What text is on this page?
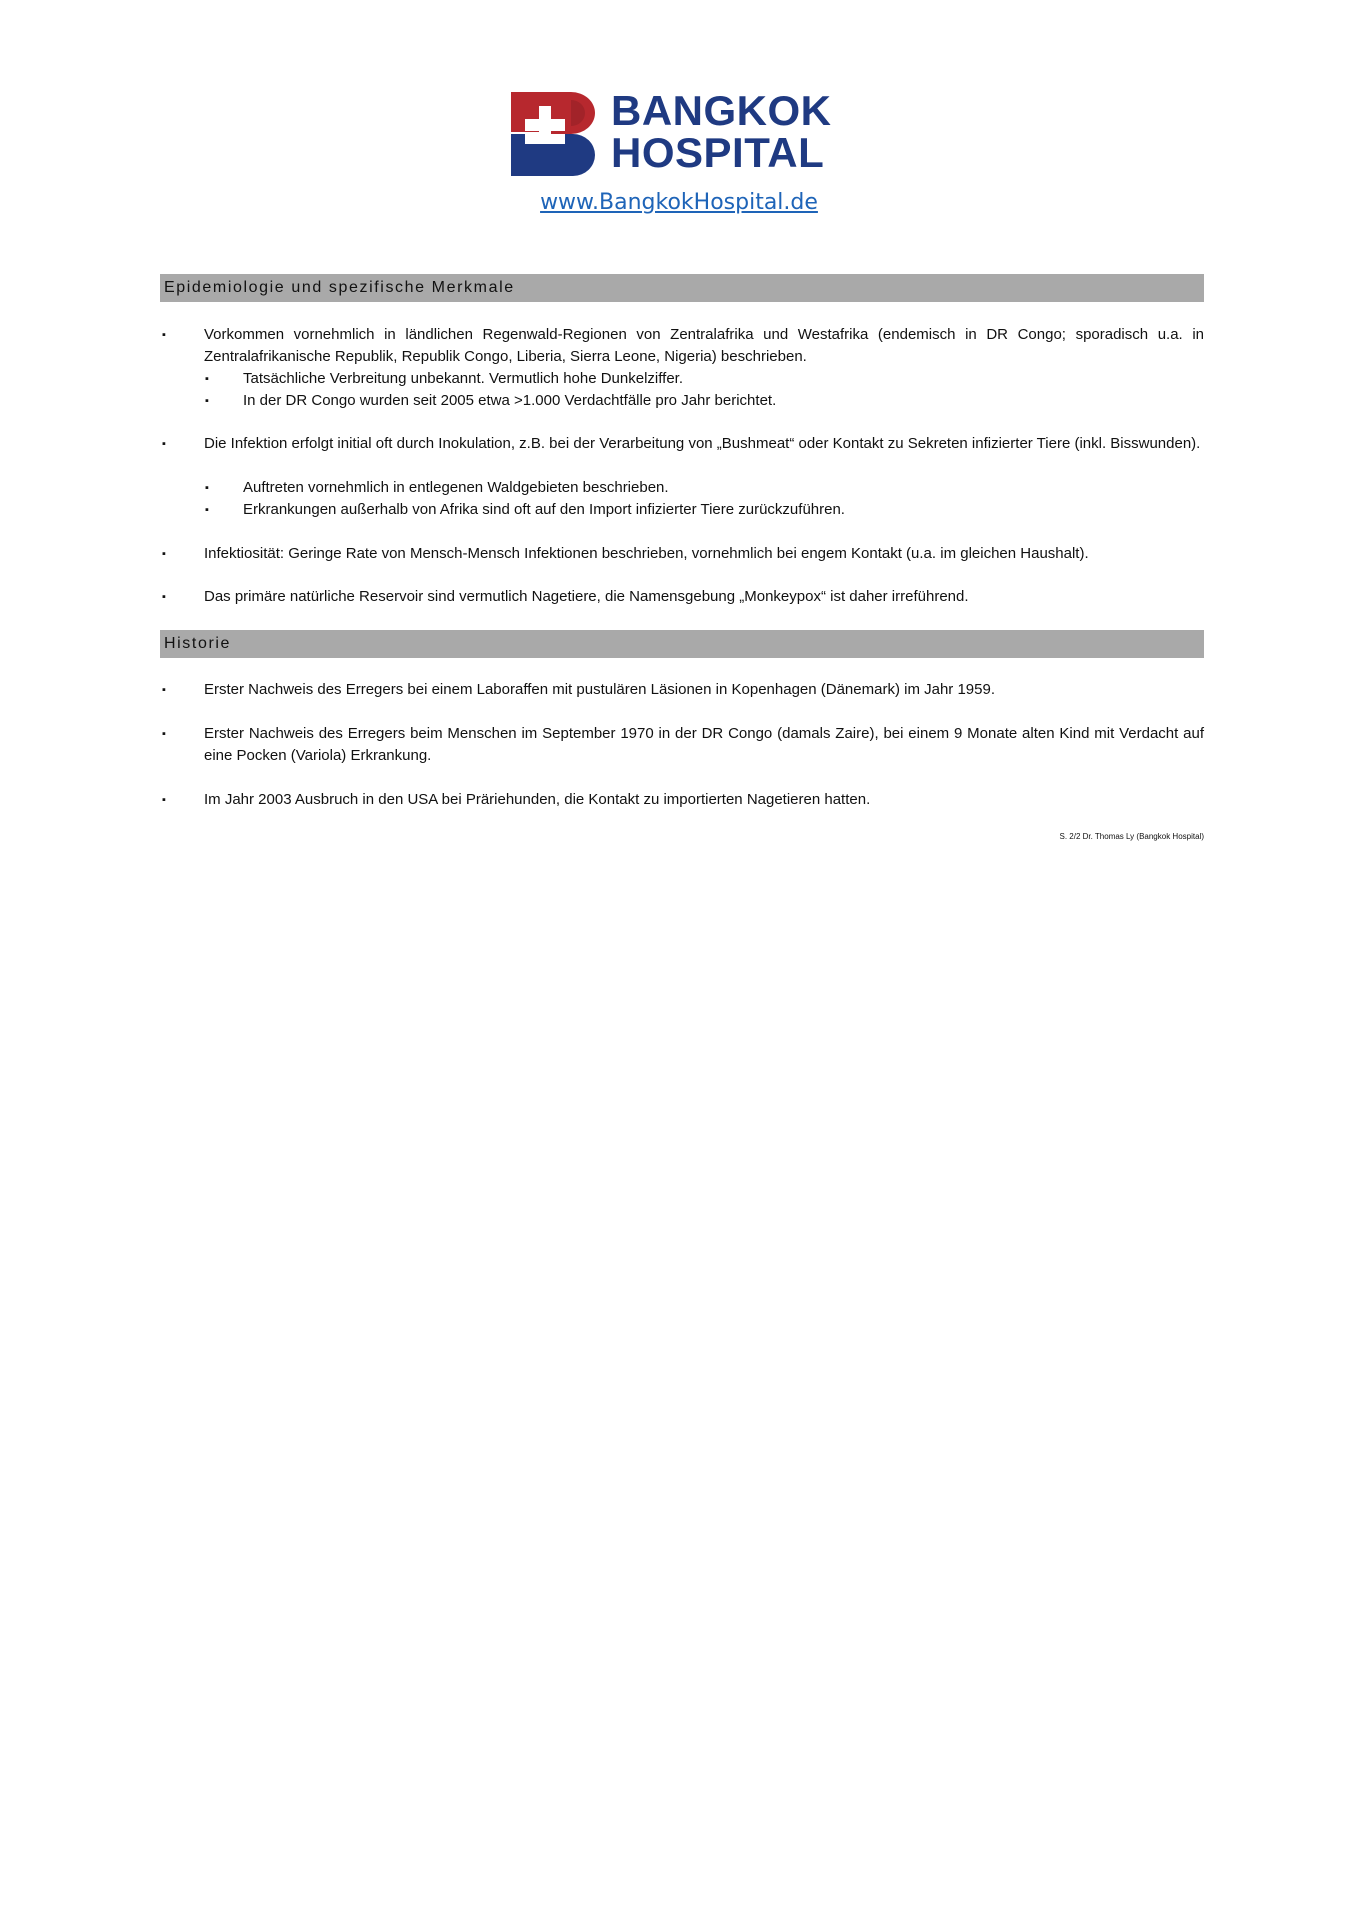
BANGKOK
HOSPITAL
www.BangkokHospital.de
Epidemiologie und spezifische Merkmale
▪	Vorkommen vornehmlich in ländlichen Regenwald-Regionen von Zentralafrika und Westafrika (endemisch in DR Congo; sporadisch u.a. in Zentralafrikanische Republik, Republik Congo, Liberia, Sierra Leone, Nigeria) beschrieben.
▪ Tatsächliche Verbreitung unbekannt. Vermutlich hohe Dunkelziffer.
▪ In der DR Congo wurden seit 2005 etwa >1.000 Verdachtfälle pro Jahr berichtet.
▪	Die Infektion erfolgt initial oft durch Inokulation, z.B. bei der Verarbeitung von „Bushmeat“ oder Kontakt zu Sekreten infizierter Tiere (inkl. Bisswunden).
▪ Auftreten vornehmlich in entlegenen Waldgebieten beschrieben.
▪ Erkrankungen außerhalb von Afrika sind oft auf den Import infizierter Tiere zurückzuführen.
▪	Infektiosität: Geringe Rate von Mensch-Mensch Infektionen beschrieben, vornehmlich bei engem Kontakt (u.a. im gleichen Haushalt).
▪	Das primäre natürliche Reservoir sind vermutlich Nagetiere, die Namensgebung „Monkeypox“ ist daher irreführend.
Historie
▪	Erster Nachweis des Erregers bei einem Laboraffen mit pustulären Läsionen in Kopenhagen (Dänemark) im Jahr 1959.
▪	Erster Nachweis des Erregers beim Menschen im September 1970 in der DR Congo (damals Zaire), bei einem 9 Monate alten Kind mit Verdacht auf eine Pocken (Variola) Erkrankung.
▪	Im Jahr 2003 Ausbruch in den USA bei Präriehunden, die Kontakt zu importierten Nagetieren hatten.
S. 2/2 Dr. Thomas Ly (Bangkok Hospital)
